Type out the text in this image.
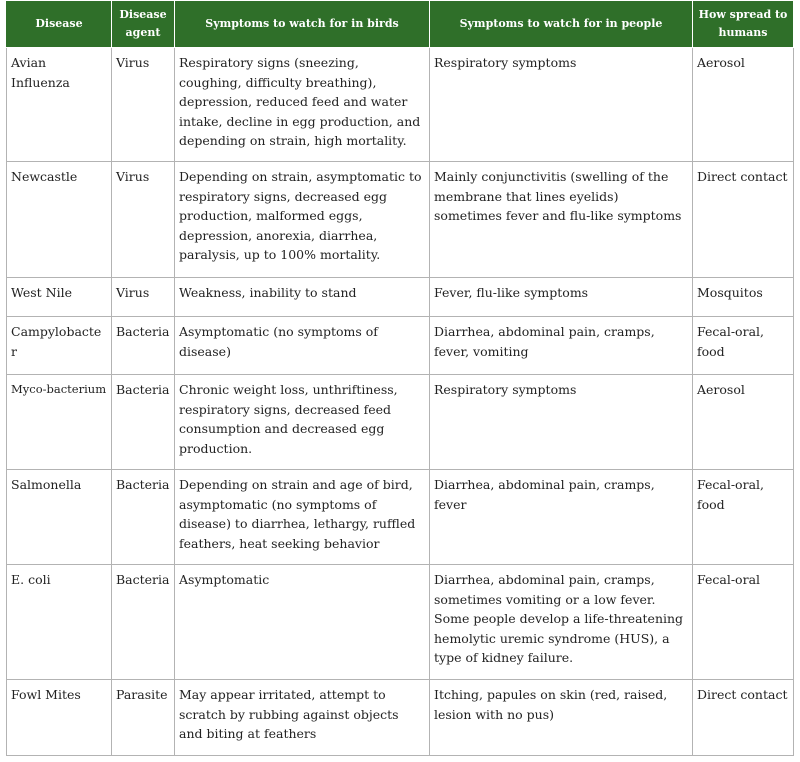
Disease	Disease agent	Symptoms to watch for in birds	Symptoms to watch for in people	How spread to humans
Avian Influenza	Virus	Respiratory signs (sneezing, coughing, difficulty breathing), depression, reduced feed and water intake, decline in egg production, and depending on strain, high mortality.	Respiratory symptoms	Aerosol
Newcastle	Virus	Depending on strain, asymptomatic to respiratory signs, decreased egg production, malformed eggs, depression, anorexia, diarrhea, paralysis, up to 100% mortality.	Mainly conjunctivitis (swelling of the membrane that lines eyelids) sometimes fever and flu-like symptoms	Direct contact
West Nile	Virus	Weakness, inability to stand	Fever, flu-like symptoms	Mosquitos
Campylobacter	Bacteria	Asymptomatic (no symptoms of disease)	Diarrhea, abdominal pain, cramps, fever, vomiting	Fecal-oral, food
Myco-bacterium	Bacteria	Chronic weight loss, unthriftiness, respiratory signs, decreased feed consumption and decreased egg production.	Respiratory symptoms	Aerosol
Salmonella	Bacteria	Depending on strain and age of bird, asymptomatic (no symptoms of disease) to diarrhea, lethargy, ruffled feathers, heat seeking behavior	Diarrhea, abdominal pain, cramps, fever	Fecal-oral, food
E. coli	Bacteria	Asymptomatic	Diarrhea, abdominal pain, cramps, sometimes vomiting or a low fever. Some people develop a life-threatening hemolytic uremic syndrome (HUS), a type of kidney failure.	Fecal-oral
Fowl Mites	Parasite	May appear irritated, attempt to scratch by rubbing against objects and biting at feathers	Itching, papules on skin (red, raised, lesion with no pus)	Direct contact
